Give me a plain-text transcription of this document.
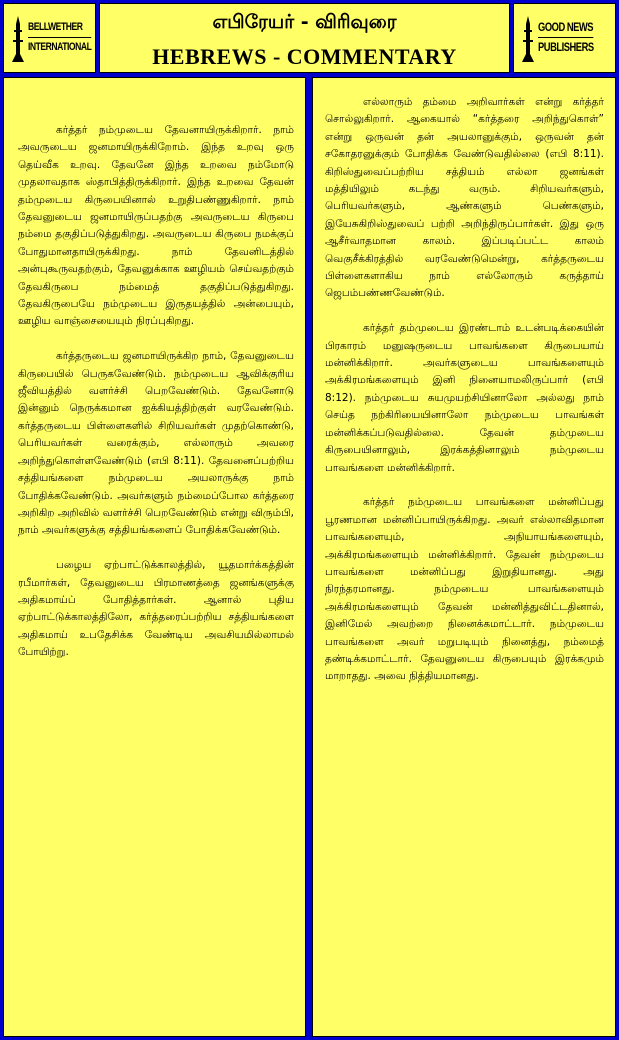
BELLWETHER
INTERNATIONAL
எபிரேயர் - விரிவுரை
HEBREWS - COMMENTARY
GOOD NEWS
PUBLISHERS

கர்த்தர் நம்முடைய தேவனாயிருக்கிறார். நாம் அவருடைய ஜனமாயிருக்கிறோம். இந்த உறவு ஒரு தெய்வீக உறவு. தேவனே இந்த உறவை நம்மோடு முதலாவதாக ஸ்தாபித்திருக்கிறார். இந்த உறவை தேவன் தம்முடைய கிருபையினால் உறுதிபண்ணுகிறார். நாம் தேவனுடைய ஜனமாயிருப்பதற்கு அவருடைய கிருபை நம்மை தகுதிப்படுத்துகிறது. அவருடைய கிருபை நமக்குப் போதுமானதாயிருக்கிறது. நாம் தேவனிடத்தில் அன்புகூருவதற்கும், தேவனுக்காக ஊழியம் செய்வதற்கும் தேவகிருபை நம்மைத் தகுதிப்படுத்துகிறது. தேவகிருபையே நம்முடைய இருதயத்தில் அன்பையும், ஊழிய வாஞ்சையையும் நிரப்புகிறது.

கர்த்தருடைய ஜனமாயிருக்கிற நாம், தேவனுடைய கிருபையில் பெருகவேண்டும். நம்முடைய ஆவிக்குரிய ஜீவியத்தில் வளர்ச்சி பெறவேண்டும். தேவனோடு இன்னும் நெருக்கமான ஐக்கியத்திற்குள் வரவேண்டும். கர்த்தருடைய பிள்ளைகளில் சிறியவர்கள் முதற்கொண்டு, பெரியவர்கள் வரைக்கும், எல்லாரும் அவரை அறிந்துகொள்ளவேண்டும் (எபி 8:11). தேவனைப்பற்றிய சத்தியங்களை நம்முடைய அயலாருக்கு நாம் போதிக்கவேண்டும். அவர்களும் நம்மைப்போல கர்த்தரை அறிகிற அறிவில் வளர்ச்சி பெறவேண்டும் என்று விரும்பி, நாம் அவர்களுக்கு சத்தியங்களைப் போதிக்கவேண்டும்.

பழைய ஏற்பாட்டுக்காலத்தில், யூதமார்க்கத்தின் ரபீமார்கள், தேவனுடைய பிரமாணத்தை ஜனங்களுக்கு அதிகமாய்ப் போதித்தார்கள். ஆனால் புதிய ஏற்பாட்டுக்காலத்திலோ, கர்த்தரைப்பற்றிய சத்தியங்களை அதிகமாய் உபதேசிக்க வேண்டிய அவசியமில்லாமல் போயிற்று.

எல்லாரும் தம்மை அறிவார்கள் என்று கர்த்தர் சொல்லுகிறார். ஆகையால் “கர்த்தரை அறிந்துகொள்” என்று ஒருவன் தன் அயலானுக்கும், ஒருவன் தன் சகோதரனுக்கும் போதிக்க வேண்டுவதில்லை (எபி 8:11). கிறிஸ்துவைப்பற்றிய சத்தியம் எல்லா ஜனங்கள் மத்தியிலும் கடந்து வரும். சிறியவர்களும், பெரியவர்களும், ஆண்களும் பெண்களும், இயேசுகிறிஸ்துவைப் பற்றி அறிந்திருப்பார்கள். இது ஒரு ஆசீர்வாதமான காலம். இப்படிப்பட்ட காலம் வெகுசீக்கிரத்தில் வரவேண்டுமென்று, கர்த்தருடைய பிள்ளைகளாகிய நாம் எல்லோரும் கருத்தாய் ஜெபம்பண்ணவேண்டும்.

கர்த்தர் தம்முடைய இரண்டாம் உடன்படிக்கையின் பிரகாரம் மனுஷருடைய பாவங்களை கிருபையாய் மன்னிக்கிறார். அவர்களுடைய பாவங்களையும் அக்கிரமங்களையும் இனி நினையாமலிருப்பார் (எபி 8:12). நம்முடைய சுயமுயற்சியினாலோ அல்லது நாம் செய்த நற்கிரியையினாலோ நம்முடைய பாவங்கள் மன்னிக்கப்படுவதில்லை. தேவன் தம்முடைய கிருபையினாலும், இரக்கத்தினாலும் நம்முடைய பாவங்களை மன்னிக்கிறார்.

கர்த்தர் நம்முடைய பாவங்களை மன்னிப்பது பூரணமான மன்னிப்பாயிருக்கிறது. அவர் எல்லாவிதமான பாவங்களையும், அநியாயங்களையும், அக்கிரமங்களையும் மன்னிக்கிறார். தேவன் நம்முடைய பாவங்களை மன்னிப்பது இறுதியானது. அது நிரந்தரமானது. நம்முடைய பாவங்களையும் அக்கிரமங்களையும் தேவன் மன்னித்துவிட்டதினால், இனிமேல் அவற்றை நினைக்கமாட்டார். நம்முடைய பாவங்களை அவர் மறுபடியும் நினைத்து, நம்மைத் தண்டிக்கமாட்டார். தேவனுடைய கிருபையும் இரக்கமும் மாறாதது. அவை நித்தியமானது.
